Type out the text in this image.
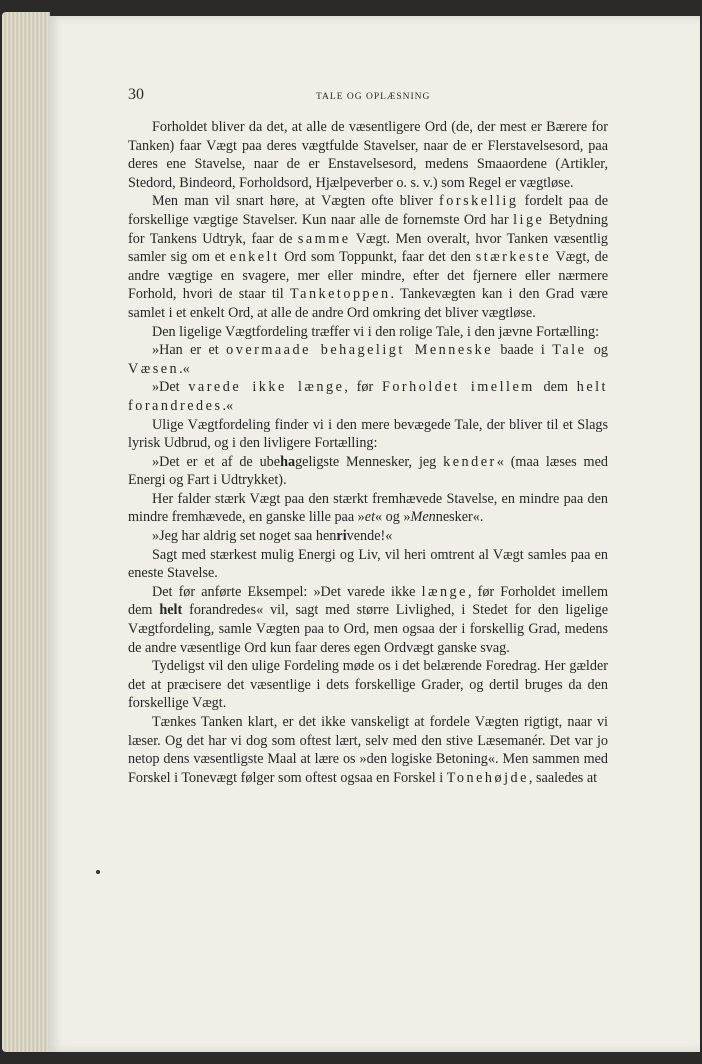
30	TALE OG OPLÆSNING

Forholdet bliver da det, at alle de væsentligere Ord (de, der mest er Bærere for Tanken) faar Vægt paa deres vægtfulde Stavelser, naar de er Flerstavelsesord, paa deres ene Stavelse, naar de er Enstavelsesord, medens Smaaordene (Artikler, Stedord, Bindeord, Forholdsord, Hjælpeverber o. s. v.) som Regel er vægtløse.

Men man vil snart høre, at Vægten ofte bliver forskellig fordelt paa de forskellige vægtige Stavelser. Kun naar alle de fornemste Ord har lige Betydning for Tankens Udtryk, faar de samme Vægt. Men overalt, hvor Tanken væsentlig samler sig om et enkelt Ord som Toppunkt, faar det den stærkeste Vægt, de andre vægtige en svagere, mer eller mindre, efter det fjernere eller nærmere Forhold, hvori de staar til Tanketoppen. Tankevægten kan i den Grad være samlet i et enkelt Ord, at alle de andre Ord omkring det bliver vægtløse.

Den ligelige Vægtfordeling træffer vi i den rolige Tale, i den jævne Fortælling:

»Han er et overmaade behageligt Menneske baade i Tale og Væsen.«

»Det varede ikke længe, før Forholdet imellem dem helt forandredes.«

Ulige Vægtfordeling finder vi i den mere bevægede Tale, der bliver til et Slags lyrisk Udbrud, og i den livligere Fortælling:

»Det er et af de ubehageligste Mennesker, jeg kender« (maa læses med Energi og Fart i Udtrykket).

Her falder stærk Vægt paa den stærkt fremhævede Stavelse, en mindre paa den mindre fremhævede, en ganske lille paa »et« og »Mennesker«.

»Jeg har aldrig set noget saa henrivende!«

Sagt med stærkest mulig Energi og Liv, vil heri omtrent al Vægt samles paa en eneste Stavelse.

Det før anførte Eksempel: »Det varede ikke længe, før Forholdet imellem dem helt forandredes« vil, sagt med større Livlighed, i Stedet for den ligelige Vægtfordeling, samle Vægten paa to Ord, men ogsaa der i forskellig Grad, medens de andre væsentlige Ord kun faar deres egen Ordvægt ganske svag.

Tydeligst vil den ulige Fordeling møde os i det belærende Foredrag. Her gælder det at præcisere det væsentlige i dets forskellige Grader, og dertil bruges da den forskellige Vægt.

Tænkes Tanken klart, er det ikke vanskeligt at fordele Vægten rigtigt, naar vi læser. Og det har vi dog som oftest lært, selv med den stive Læsemanér. Det var jo netop dens væsentligste Maal at lære os »den logiske Betoning«. Men sammen med Forskel i Tonevægt følger som oftest ogsaa en Forskel i Tonehøjde, saaledes at
